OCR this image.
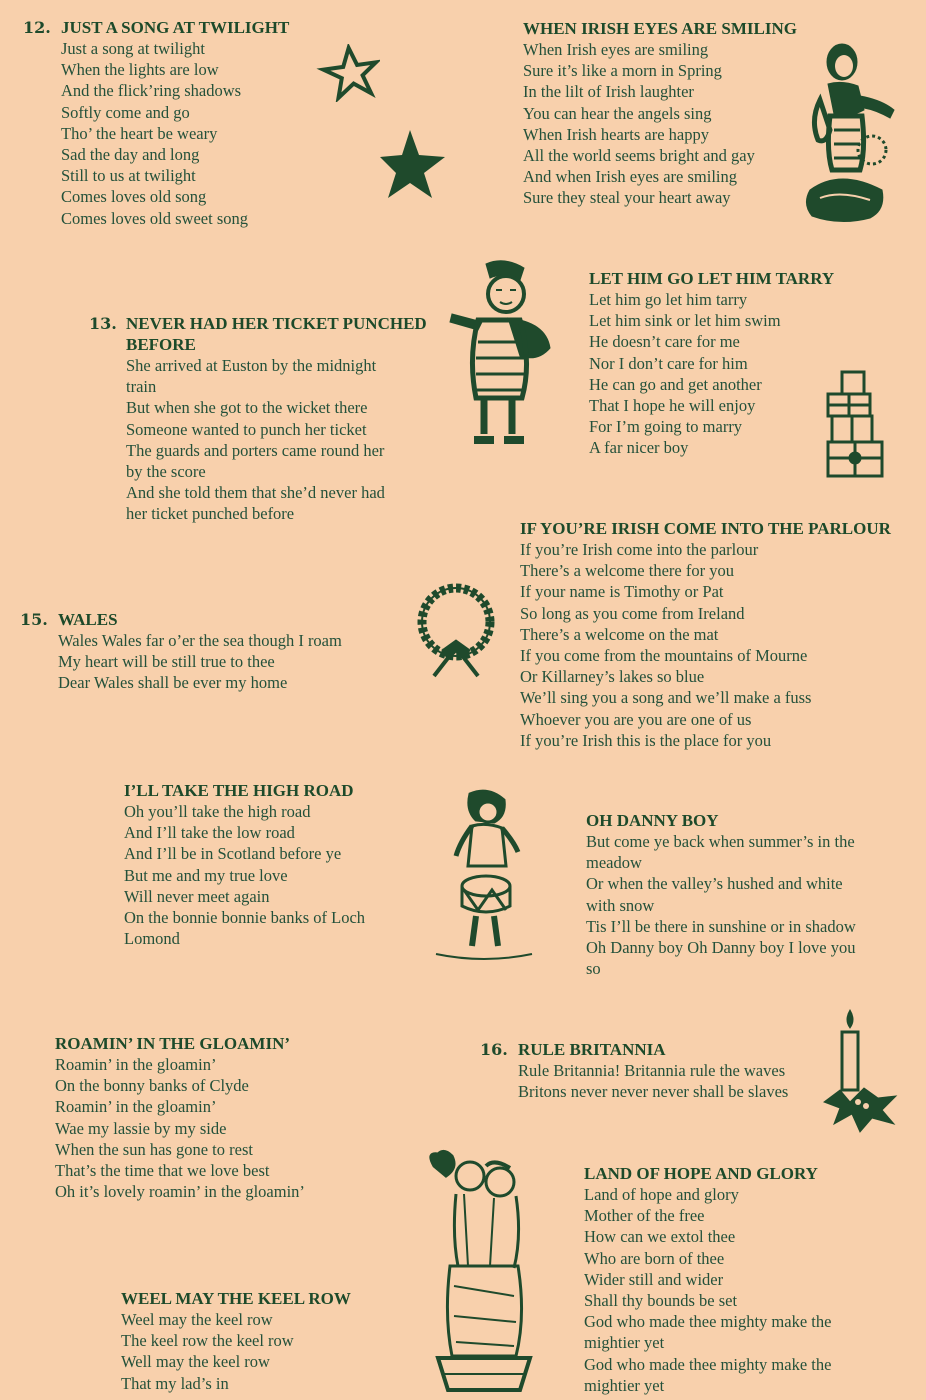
12. JUST A SONG AT TWILIGHT
Just a song at twilight
When the lights are low
And the flick’ring shadows
Softly come and go
Tho’ the heart be weary
Sad the day and long
Still to us at twilight
Comes loves old song
Comes loves old sweet song
WHEN IRISH EYES ARE SMILING
When Irish eyes are smiling
Sure it’s like a morn in Spring
In the lilt of Irish laughter
You can hear the angels sing
When Irish hearts are happy
All the world seems bright and gay
And when Irish eyes are smiling
Sure they steal your heart away
LET HIM GO LET HIM TARRY
Let him go let him tarry
Let him sink or let him swim
He doesn’t care for me
Nor I don’t care for him
He can go and get another
That I hope he will enjoy
For I’m going to marry
A far nicer boy
13. NEVER HAD HER TICKET PUNCHED
BEFORE
She arrived at Euston by the midnight
train
But when she got to the wicket there
Someone wanted to punch her ticket
The guards and porters came round her
by the score
And she told them that she’d never had
her ticket punched before
IF YOU’RE IRISH COME INTO THE PARLOUR
If you’re Irish come into the parlour
There’s a welcome there for you
If your name is Timothy or Pat
So long as you come from Ireland
There’s a welcome on the mat
If you come from the mountains of Mourne
Or Killarney’s lakes so blue
We’ll sing you a song and we’ll make a fuss
Whoever you are you are one of us
If you’re Irish this is the place for you
15. WALES
Wales Wales far o’er the sea though I roam
My heart will be still true to thee
Dear Wales shall be ever my home
I’LL TAKE THE HIGH ROAD
Oh you’ll take the high road
And I’ll take the low road
And I’ll be in Scotland before ye
But me and my true love
Will never meet again
On the bonnie bonnie banks of Loch
Lomond
OH DANNY BOY
But come ye back when summer’s in the
meadow
Or when the valley’s hushed and white
with snow
Tis I’ll be there in sunshine or in shadow
Oh Danny boy Oh Danny boy I love you
so
ROAMIN’ IN THE GLOAMIN’
Roamin’ in the gloamin’
On the bonny banks of Clyde
Roamin’ in the gloamin’
Wae my lassie by my side
When the sun has gone to rest
That’s the time that we love best
Oh it’s lovely roamin’ in the gloamin’
16. RULE BRITANNIA
Rule Britannia! Britannia rule the waves
Britons never never never shall be slaves
LAND OF HOPE AND GLORY
Land of hope and glory
Mother of the free
How can we extol thee
Who are born of thee
Wider still and wider
Shall thy bounds be set
God who made thee mighty make the
mightier yet
God who made thee mighty make the
mightier yet
WEEL MAY THE KEEL ROW
Weel may the keel row
The keel row the keel row
Well may the keel row
That my lad’s in
